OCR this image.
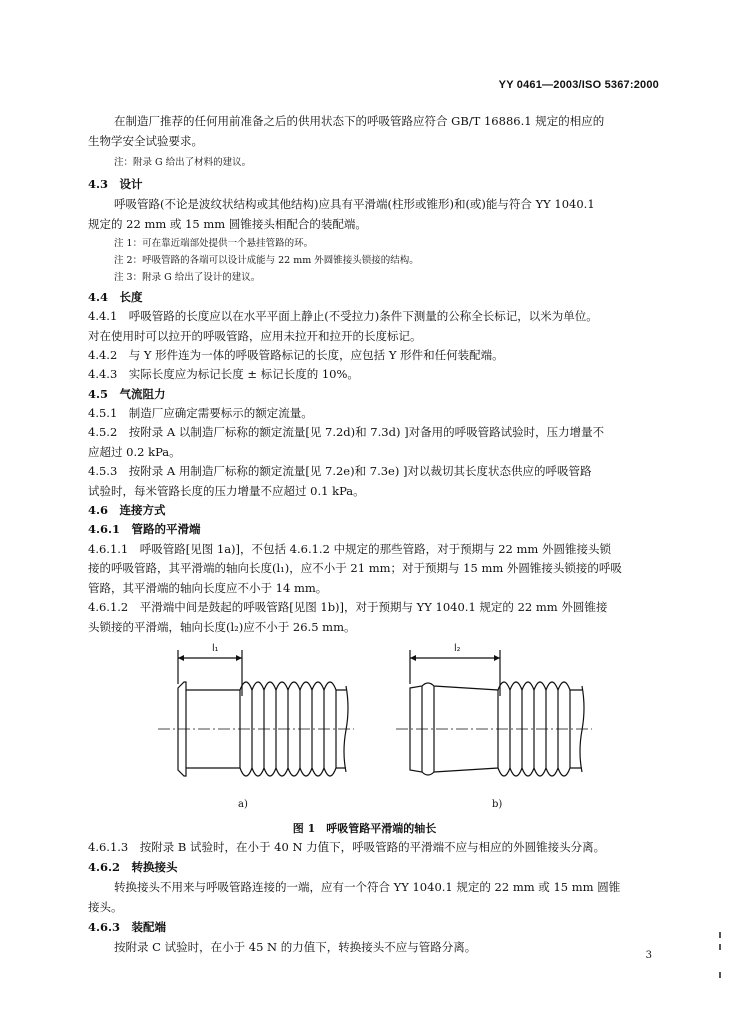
YY 0461—2003/ISO 5367:2000
在制造厂推荐的任何用前准备之后的供用状态下的呼吸管路应符合 GB/T 16886.1 规定的相应的
生物学安全试验要求。
注：附录 G 给出了材料的建议。
4.3　设计
呼吸管路(不论是波纹状结构或其他结构)应具有平滑端(柱形或锥形)和(或)能与符合 YY 1040.1
规定的 22 mm 或 15 mm 圆锥接头相配合的装配端。
注 1：可在靠近端部处提供一个悬挂管路的环。
注 2：呼吸管路的各端可以设计成能与 22 mm 外圆锥接头锁接的结构。
注 3：附录 G 给出了设计的建议。
4.4　长度
4.4.1　呼吸管路的长度应以在水平平面上静止(不受拉力)条件下测量的公称全长标记，以米为单位。
对在使用时可以拉开的呼吸管路，应用未拉开和拉开的长度标记。
4.4.2　与 Y 形件连为一体的呼吸管路标记的长度，应包括 Y 形件和任何装配端。
4.4.3　实际长度应为标记长度 ± 标记长度的 10%。
4.5　气流阻力
4.5.1　制造厂应确定需要标示的额定流量。
4.5.2　按附录 A 以制造厂标称的额定流量[见 7.2d)和 7.3d) ]对备用的呼吸管路试验时，压力增量不
应超过 0.2 kPa。
4.5.3　按附录 A 用制造厂标称的额定流量[见 7.2e)和 7.3e) ]对以裁切其长度状态供应的呼吸管路
试验时，每米管路长度的压力增量不应超过 0.1 kPa。
4.6　连接方式
4.6.1　管路的平滑端
4.6.1.1　呼吸管路[见图 1a)]，不包括 4.6.1.2 中规定的那些管路，对于预期与 22 mm 外圆锥接头锁
接的呼吸管路，其平滑端的轴向长度(l₁)，应不小于 21 mm；对于预期与 15 mm 外圆锥接头锁接的呼吸
管路，其平滑端的轴向长度应不小于 14 mm。
4.6.1.2　平滑端中间是鼓起的呼吸管路[见图 1b)]，对于预期与 YY 1040.1 规定的 22 mm 外圆锥接
头锁接的平滑端，轴向长度(l₂)应不小于 26.5 mm。
l₁
a)
l₂
b)
图 1　呼吸管路平滑端的轴长
4.6.1.3　按附录 B 试验时，在小于 40 N 力值下，呼吸管路的平滑端不应与相应的外圆锥接头分离。
4.6.2　转换接头
转换接头不用来与呼吸管路连接的一端，应有一个符合 YY 1040.1 规定的 22 mm 或 15 mm 圆锥
接头。
4.6.3　装配端
按附录 C 试验时，在小于 45 N 的力值下，转换接头不应与管路分离。
3
